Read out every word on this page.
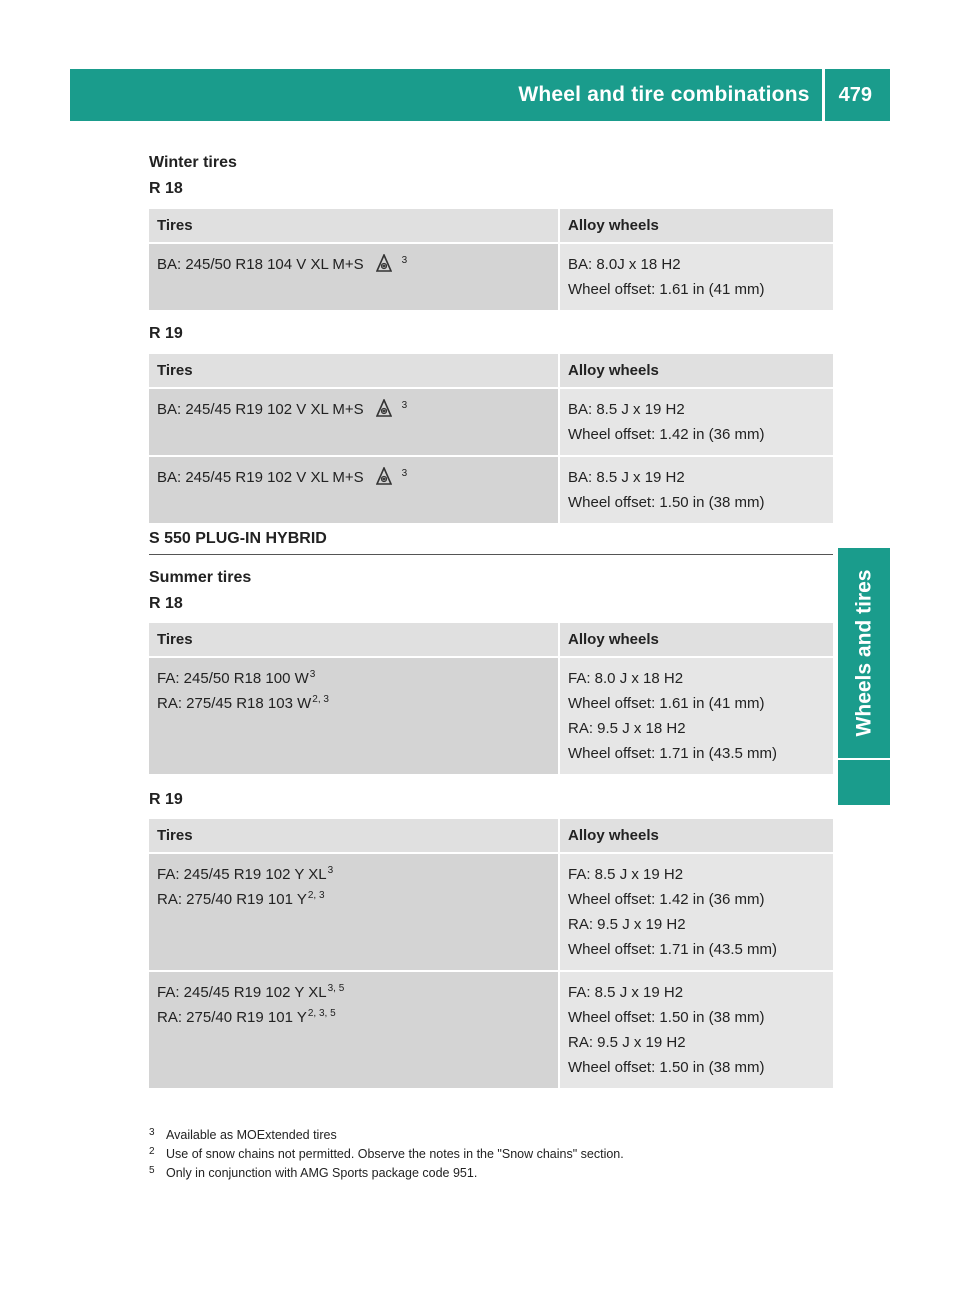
Wheel and tire combinations	479
Wheels and tires
Winter tires
R 18
Tires	Alloy wheels
BA: 245/50 R18 104 V XL M+S $^3$	BA: 8.0J x 18 H2
Wheel offset: 1.61 in (41 mm)
R 19
Tires	Alloy wheels
BA: 245/45 R19 102 V XL M+S $^3$	BA: 8.5 J x 19 H2
Wheel offset: 1.42 in (36 mm)

BA: 245/45 R19 102 V XL M+S $^3$	BA: 8.5 J x 19 H2
Wheel offset: 1.50 in (38 mm)
S 550 PLUG-IN HYBRID
Summer tires
R 18
Tires	Alloy wheels

FA: 245/50 R18 100 $W^3$
RA: 275/45 R18 103 W$^{2, 3}$	FA: 8.0 J x 18 H2
Wheel offset: 1.61 in (41 mm)
RA: 9.5 J x 18 H2
Wheel offset: 1.71 in (43.5 mm)
R 19
Tires	Alloy wheels

FA: 245/45 R19 102 Y $XL^3$
RA: 275/40 R19 101 Y$^{2, 3}$	FA: 8.5 J x 19 H2
Wheel offset: 1.42 in (36 mm)
RA: 9.5 J x 19 H2
Wheel offset: 1.71 in (43.5 mm)

FA: 245/45 R19 102 Y XL$^{3, 5}$
RA: 275/40 R19 101 Y$^{2, 3, 5}$	FA: 8.5 J x 19 H2
Wheel offset: 1.50 in (38 mm)
RA: 9.5 J x 19 H2
Wheel offset: 1.50 in (38 mm)
3 Available as MOExtended tires
2 Use of snow chains not permitted. Observe the notes in the "Snow chains" section.
5 Only in conjunction with AMG Sports package code 951.
